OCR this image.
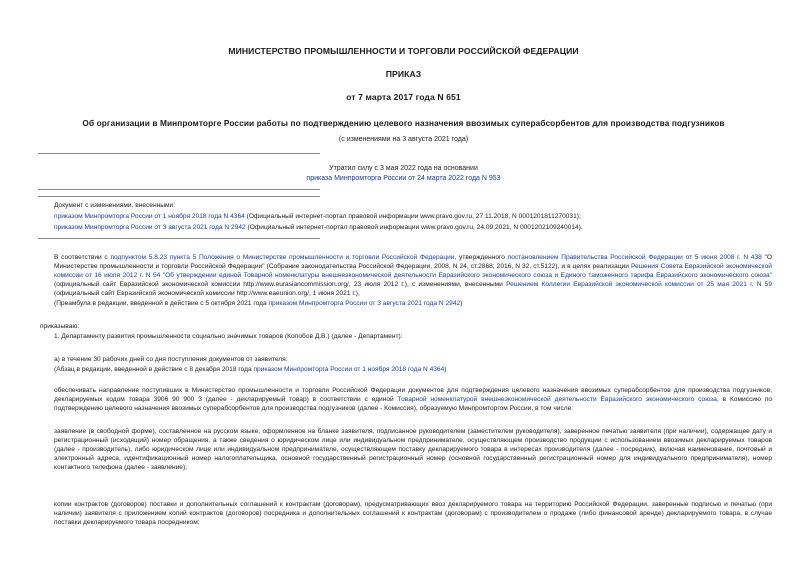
МИНИСТЕРСТВО ПРОМЫШЛЕННОСТИ И ТОРГОВЛИ РОССИЙСКОЙ ФЕДЕРАЦИИ
ПРИКАЗ
от 7 марта 2017 года N 651
Об организации в Минпромторге России работы по подтверждению целевого назначения ввозимых суперабсорбентов для производства подгузников
(с изменениями на 3 августа 2021 года)
Утратил силу с 3 мая 2022 года на основании
приказа Минпромторга России от 24 марта 2022 года N 953
Документ с изменениями, внесенными:
приказом Минпромторга России от 1 ноября 2018 года N 4364 (Официальный интернет-портал правовой информации www.pravo.gov.ru, 27.11.2018, N 0001201811270031);
приказом Минпромторга России от 3 августа 2021 года N 2942 (Официальный интернет-портал правовой информации www.pravo.gov.ru, 24.09.2021, N 0001202109240014).
В соответствии с подпунктом 5.8.23 пункта 5 Положения о Министерстве промышленности и торговли Российской Федерации, утвержденного постановлением Правительства Российской Федерации от 5 июня 2008 г. N 438 "О Министерстве промышленности и торговли Российской Федерации" (Собрание законодательства Российской Федерации, 2008, N 24, ст.2868; 2016, N 32, ст.5122), и в целях реализации Решения Совета Евразийской экономической комиссии от 16 июля 2012 г. N 54 "Об утверждении единой Товарной номенклатуры внешнеэкономической деятельности Евразийского экономического союза и Единого таможенного тарифа Евразийского экономического союза" (официальный сайт Евразийской экономической комиссии http://www.eurasiancommission.org/, 23 июля 2012 г.), с изменениями, внесенными Решением Коллегии Евразийской экономической комиссии от 25 мая 2021 г. N 59 (официальный сайт Евразийской экономической комиссии http://www.eaeunion.org/, 1 июня 2021 г.),
(Преамбула в редакции, введенной в действие с 5 октября 2021 года приказом Минпромторга России от 3 августа 2021 года N 2942)
приказываю:
1. Департаменту развития промышленности социально значимых товаров (Колобов Д.В.) (далее - Департамент):
а) в течение 30 рабочих дней со дня поступления документов от заявителя:
(Абзац в редакции, введенной в действие с 8 декабря 2018 года приказом Минпромторга России от 1 ноября 2018 года N 4364)
обеспечивать направление поступивших в Министерство промышленности и торговли Российской Федерации документов для подтверждения целевого назначения ввозимых суперабсорбентов для производства подгузников, декларируемых кодом товара 3906 90 900 3 (далее - декларируемый товар) в соответствии с единой Товарной номенклатурой внешнеэкономической деятельности Евразийского экономического союза, в Комиссию по подтверждению целевого назначения ввозимых суперабсорбентов для производства подгузников (далее - Комиссия), образуемую Минпромторгом России, в том числе:
заявление (в свободной форме), составленное на русском языке, оформленное на бланке заявителя, подписанное руководителем (заместителем руководителя), заверенное печатью заявителя (при наличии), содержащее дату и регистрационный (исходящий) номер обращения, а также сведения о юридическом лице или индивидуальном предпринимателе, осуществляющем производство продукции с использованием ввозимых декларируемых товаров (далее - производитель), либо юридическом лице или индивидуальном предпринимателе, осуществляющем поставку декларируемого товара в интересах производителя (далее - посредник), включая наименование, почтовый и электронный адреса, идентификационный номер налогоплательщика, основной государственный регистрационный номер (основной государственный регистрационный номер для индивидуального предпринимателя), номер контактного телефона (далее - заявление);
копии контрактов (договоров) поставки и дополнительных соглашений к контрактам (договорам), предусматривающих ввоз декларируемого товара на территорию Российской Федерации, заверенные подписью и печатью (при наличии) заявителя с приложением копий контрактов (договоров) посредника и дополнительных соглашений к контрактам (договорам) с производителем о продаже (либо финансовой аренде) декларируемого товара, в случае поставки декларируемого товара посредником;
